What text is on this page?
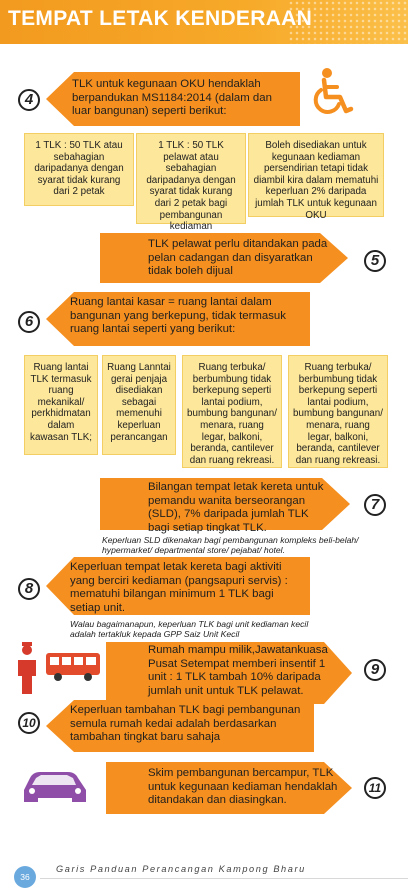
TEMPAT LETAK KENDERAAN
4
TLK untuk kegunaan OKU hendaklah berpandukan MS1184:2014 (dalam dan luar bangunan) seperti berikut:
1 TLK : 50 TLK atau sebahagian daripadanya dengan syarat tidak kurang dari 2 petak
1 TLK : 50 TLK pelawat atau sebahagian daripadanya dengan syarat tidak kurang dari 2 petak bagi pembangunan kediaman
Boleh disediakan untuk kegunaan kediaman persendirian tetapi tidak diambil kira dalam mematuhi keperluan 2% daripada jumlah TLK untuk kegunaan OKU
TLK pelawat perlu ditandakan pada pelan cadangan dan disyaratkan tidak boleh dijual
5
6
Ruang lantai kasar = ruang lantai dalam bangunan yang berkepung, tidak termasuk ruang lantai seperti yang berikut:
Ruang lantai TLK termasuk ruang mekanikal/ perkhidmatan dalam kawasan TLK;
Ruang Lanntai gerai penjaja disediakan sebagai memenuhi keperluan perancangan
Ruang terbuka/ berbumbung tidak berkepung seperti lantai podium, bumbung bangunan/ menara, ruang legar, balkoni, beranda, cantilever dan ruang rekreasi.
Ruang terbuka/ berbumbung tidak berkepung seperti lantai podium, bumbung bangunan/ menara, ruang legar, balkoni, beranda, cantilever dan ruang rekreasi.
Bilangan tempat letak kereta untuk pemandu wanita berseorangan (SLD), 7% daripada jumlah TLK bagi setiap tingkat TLK.
7
Keperluan SLD dikenakan bagi pembangunan kompleks beli-belah/ hypermarket/ departmental store/ pejabat/ hotel.
8
Keperluan tempat letak kereta bagi aktiviti yang berciri kediaman (pangsapuri servis) : mematuhi bilangan minimum 1 TLK bagi setiap unit.
Walau bagaimanapun, keperluan TLK bagi unit kediaman kecil adalah tertakluk kepada GPP Saiz Unit Kecil
Rumah mampu milik,Jawatankuasa Pusat Setempat memberi insentif 1 unit : 1 TLK tambah 10% daripada jumlah unit untuk TLK pelawat.
9
10
Keperluan tambahan TLK bagi pembangunan semula rumah kedai adalah berdasarkan tambahan tingkat baru sahaja
Skim pembangunan bercampur, TLK untuk kegunaan kediaman hendaklah ditandakan dan diasingkan.
11
36
Garis Panduan Perancangan Kampong Bharu
